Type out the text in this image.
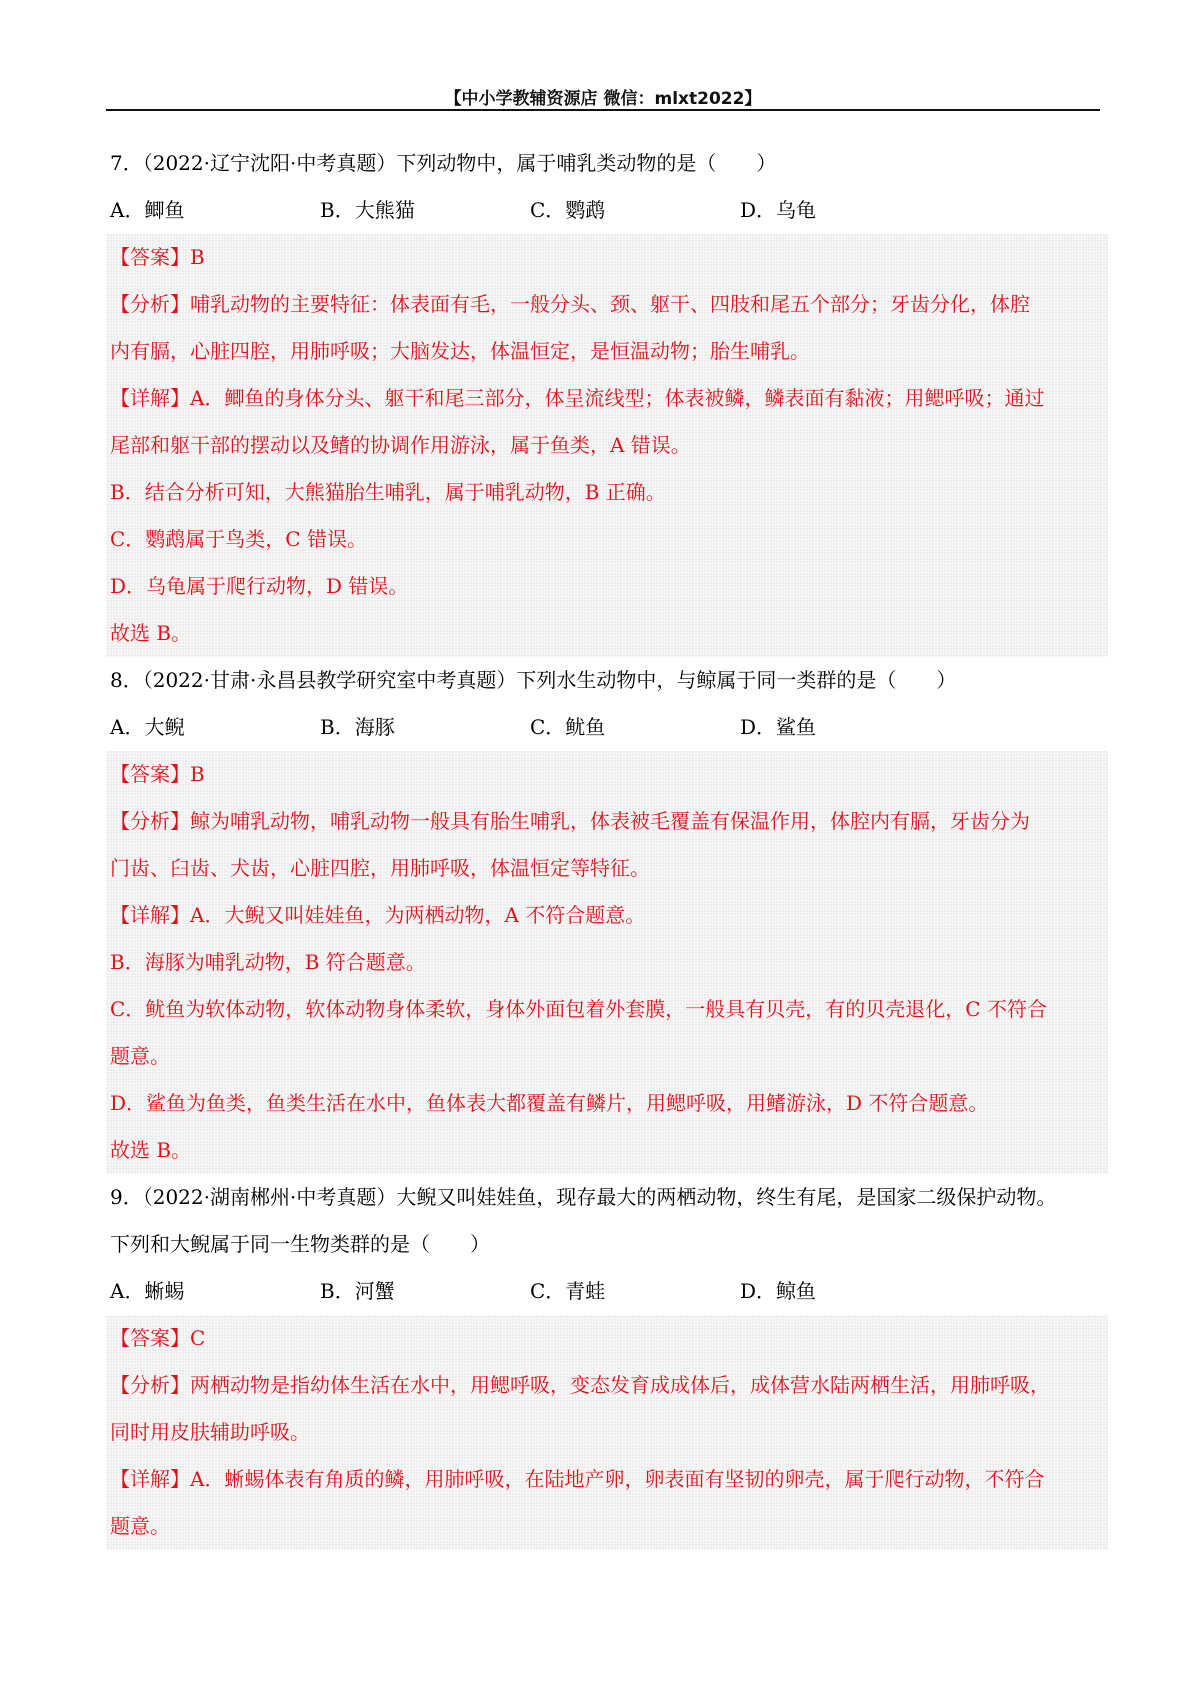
【中小学教辅资源店 微信：mlxt2022】
7．（2022·辽宁沈阳·中考真题）下列动物中，属于哺乳类动物的是（　　）
A．鲫鱼	B．大熊猫	C．鹦鹉	D．乌龟
【答案】B
【分析】哺乳动物的主要特征：体表面有毛，一般分头、颈、躯干、四肢和尾五个部分；牙齿分化，体腔
内有膈，心脏四腔，用肺呼吸；大脑发达，体温恒定，是恒温动物；胎生哺乳。
【详解】A．鲫鱼的身体分头、躯干和尾三部分，体呈流线型；体表被鳞，鳞表面有黏液；用鳃呼吸；通过
尾部和躯干部的摆动以及鳍的协调作用游泳，属于鱼类，A 错误。
B．结合分析可知，大熊猫胎生哺乳，属于哺乳动物，B 正确。
C．鹦鹉属于鸟类，C 错误。
D．乌龟属于爬行动物，D 错误。
故选 B。
8．（2022·甘肃·永昌县教学研究室中考真题）下列水生动物中，与鲸属于同一类群的是（　　）
A．大鲵	B．海豚	C．鱿鱼	D．鲨鱼
【答案】B
【分析】鲸为哺乳动物，哺乳动物一般具有胎生哺乳，体表被毛覆盖有保温作用，体腔内有膈，牙齿分为
门齿、臼齿、犬齿，心脏四腔，用肺呼吸，体温恒定等特征。
【详解】A．大鲵又叫娃娃鱼，为两栖动物，A 不符合题意。
B．海豚为哺乳动物，B 符合题意。
C．鱿鱼为软体动物，软体动物身体柔软，身体外面包着外套膜，一般具有贝壳，有的贝壳退化，C 不符合
题意。
D．鲨鱼为鱼类，鱼类生活在水中，鱼体表大都覆盖有鳞片，用鳃呼吸，用鳍游泳，D 不符合题意。
故选 B。
9．（2022·湖南郴州·中考真题）大鲵又叫娃娃鱼，现存最大的两栖动物，终生有尾，是国家二级保护动物。
下列和大鲵属于同一生物类群的是（　　）
A．蜥蜴	B．河蟹	C．青蛙	D．鲸鱼
【答案】C
【分析】两栖动物是指幼体生活在水中，用鳃呼吸，变态发育成成体后，成体营水陆两栖生活，用肺呼吸，
同时用皮肤辅助呼吸。
【详解】A．蜥蜴体表有角质的鳞，用肺呼吸，在陆地产卵，卵表面有坚韧的卵壳，属于爬行动物，不符合
题意。
